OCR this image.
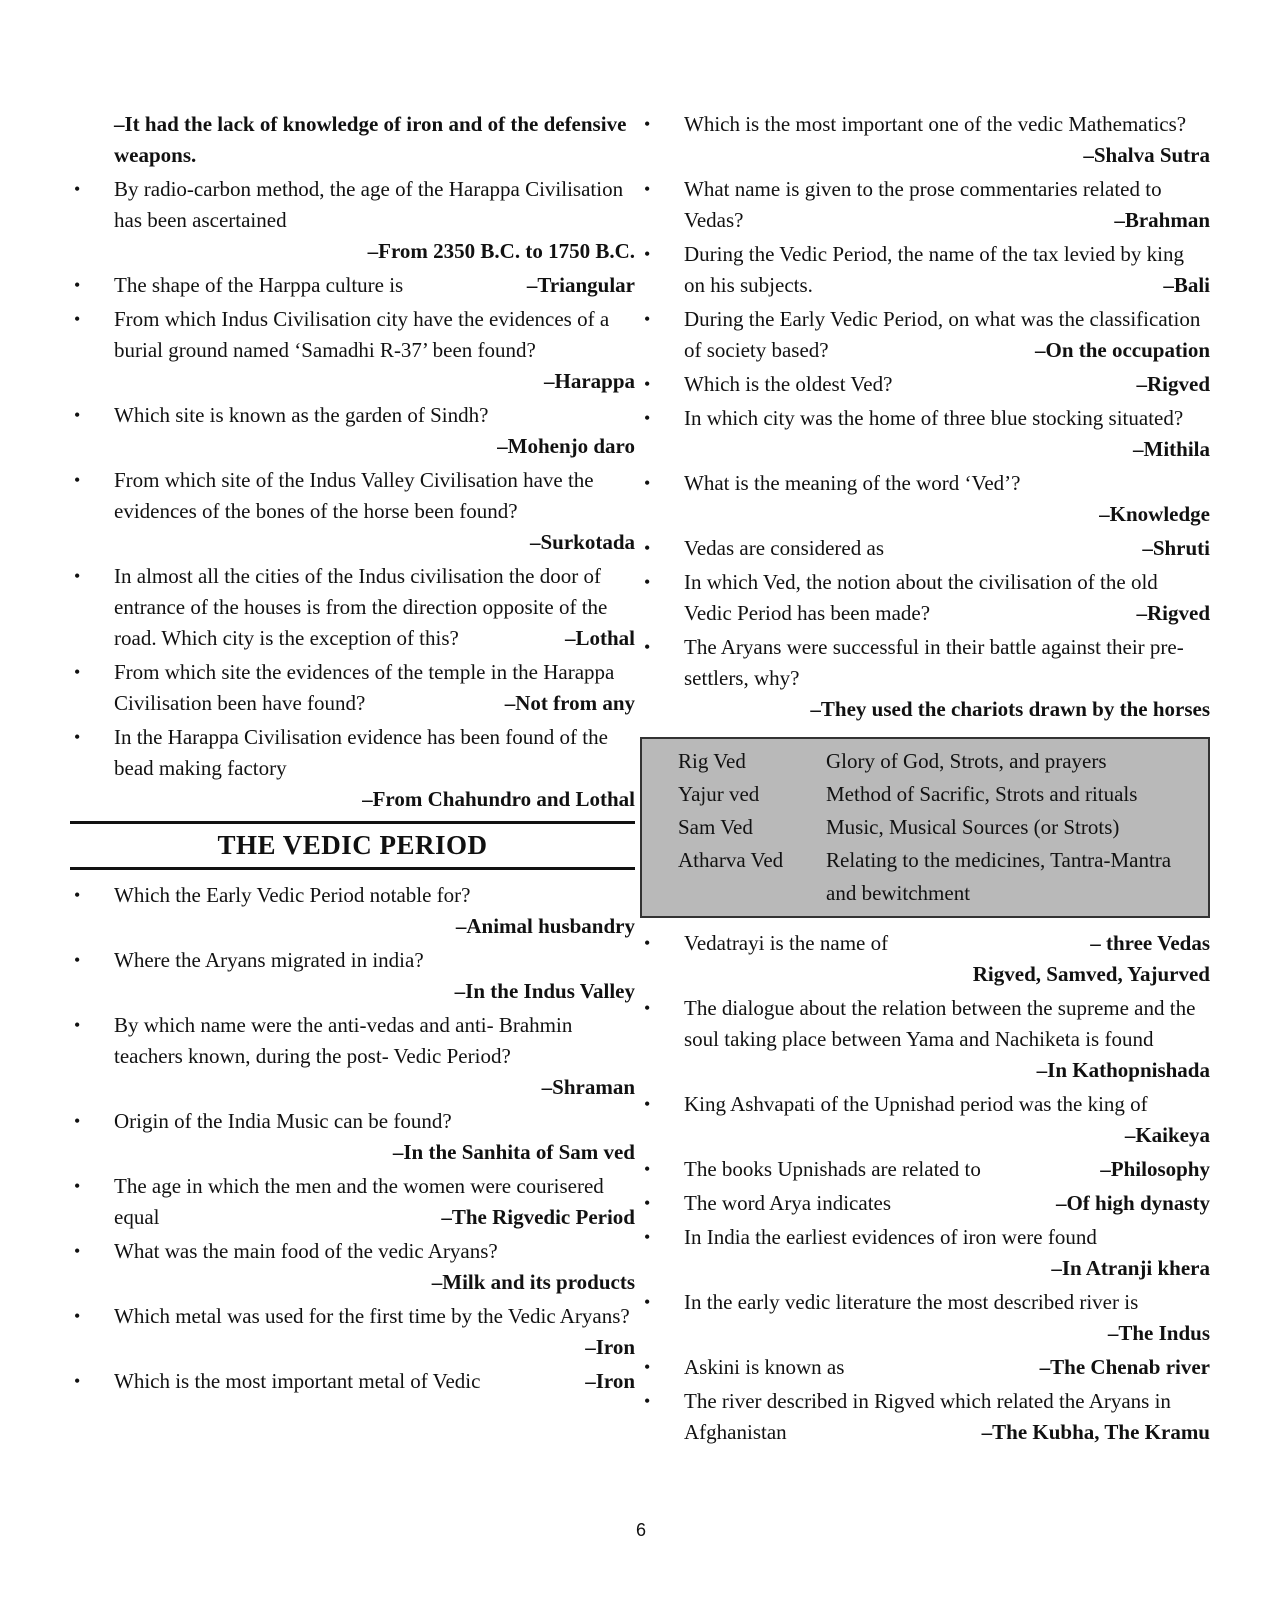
–It had the lack of knowledge of iron and of the defensive weapons.
• By radio-carbon method, the age of the Harappa Civilisation has been ascertained
–From 2350 B.C. to 1750 B.C.
• The shape of the Harppa culture is	–Triangular
• From which Indus Civilisation city have the evidences of a burial ground named ‘Samadhi R-37’ been found?
–Harappa
• Which site is known as the garden of Sindh?
–Mohenjo daro
• From which site of the Indus Valley Civilisation have the evidences of the bones of the horse been found?
–Surkotada
• In almost all the cities of the Indus civilisation the door of entrance of the houses is from the direction opposite of the road. Which city is the exception of this?	–Lothal
• From which site the evidences of the temple in the Harappa Civilisation been have found?	–Not from any
• In the Harappa Civilisation evidence has been found of the bead making factory
–From Chahundro and Lothal
THE VEDIC PERIOD
• Which the Early Vedic Period notable for?
–Animal husbandry
• Where the Aryans migrated in india?
–In the Indus Valley
• By which name were the anti-vedas and anti- Brahmin teachers known, during the post- Vedic Period?
–Shraman
• Origin of the India Music can be found?
–In the Sanhita of Sam ved
• The age in which the men and the women were courisered equal	–The Rigvedic Period
• What was the main food of the vedic Aryans?
–Milk and its products
• Which metal was used for the first time by the Vedic Aryans?
–Iron
• Which is the most important metal of Vedic	–Iron
• Which is the most important one of the vedic Mathematics?
–Shalva Sutra
• What name is given to the prose commentaries related to Vedas?	–Brahman
• During the Vedic Period, the name of the tax levied by king on his subjects.	–Bali
• During the Early Vedic Period, on what was the classification of society based?	–On the occupation
• Which is the oldest Ved?	–Rigved
• In which city was the home of three blue stocking situated?
–Mithila
• What is the meaning of the word ‘Ved’?
–Knowledge
• Vedas are considered as	–Shruti
• In which Ved, the notion about the civilisation of the old Vedic Period has been made?	–Rigved
• The Aryans were successful in their battle against their pre-settlers, why?
–They used the chariots drawn by the horses
Rig Ved	Glory of God, Strots, and prayers
Yajur ved	Method of Sacrific, Strots and rituals
Sam Ved	Music, Musical Sources (or Strots)
Atharva Ved	Relating to the medicines, Tantra-Mantra and bewitchment
• Vedatrayi is the name of	– three Vedas
Rigved, Samved, Yajurved
• The dialogue about the relation between the supreme and the soul taking place between Yama and Nachiketa is found
–In Kathopnishada
• King Ashvapati of the Upnishad period was the king of
–Kaikeya
• The books Upnishads are related to	–Philosophy
• The word Arya indicates	–Of high dynasty
• In India the earliest evidences of iron were found
–In Atranji khera
• In the early vedic literature the most described river is
–The Indus
• Askini is known as	–The Chenab river
• The river described in Rigved which related the Aryans in Afghanistan	–The Kubha, The Kramu
6
